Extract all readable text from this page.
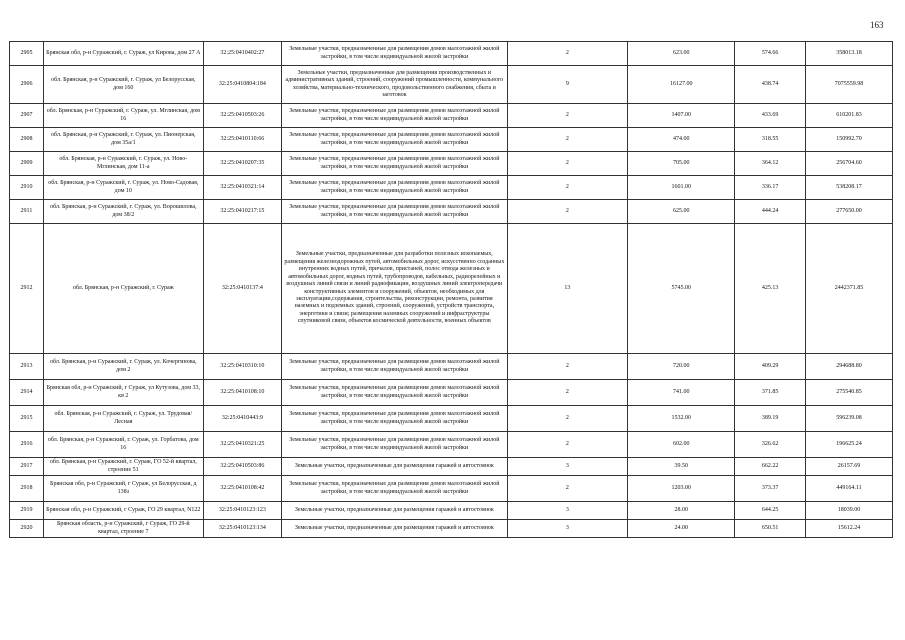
163
2905	Брянская обл, р-н Суражский, г. Сураж, ул Кирова, дом 27 А	32:25:0410402:27	Земельные участки, предназначенные для размещения домов малоэтажной жилой застройки, в том числе индивидуальной жилой застройки	2	623.00	574.66	358013.18
2906	обл. Брянская, р-н Суражский, г. Сураж, ул Белорусская, дом 160	32:25:0410804:184	Земельные участки, предназначенные для размещения производственных и административных зданий, строений, сооружений промышленности, коммунального хозяйства, материально-технического, продовольственного снабжения, сбыта и заготовок	9	16127.00	438.74	7075559.98
2907	обл. Брянская, р-н Суражский, г. Сураж, ул. Мглинская, дом 16	32:25:0410503:26	Земельные участки, предназначенные для размещения домов малоэтажной жилой застройки, в том числе индивидуальной жилой застройки	2	1407.00	433.69	610201.83
2908	обл. Брянская, р-н Суражский, г. Сураж, ул. Пионерская, дом 35а/1	32:25:0410110:66	Земельные участки, предназначенные для размещения домов малоэтажной жилой застройки, в том числе индивидуальной жилой застройки	2	474.00	318.55	150992.70
2909	обл. Брянская, р-н Суражский, г. Сураж, ул. Ново-Мглинская, дом 11-а	32:25:0410207:35	Земельные участки, предназначенные для размещения домов малоэтажной жилой застройки, в том числе индивидуальной жилой застройки	2	705.00	364.12	256704.60
2910	обл. Брянская, р-н Суражский, г. Сураж, ул. Ново-Садовая, дом 10	32:25:0410321:14	Земельные участки, предназначенные для размещения домов малоэтажной жилой застройки, в том числе индивидуальной жилой застройки	2	1601.00	336.17	538208.17
2911	обл. Брянская, р-н Суражский, г. Сураж, ул. Ворошилова, дом 38/2	32:25:0410217:15	Земельные участки, предназначенные для размещения домов малоэтажной жилой застройки, в том числе индивидуальной жилой застройки	2	625.00	444.24	277650.00
2912	обл. Брянская, р-н Суражский, г. Сураж	32:25:0410137:4	Земельные участки, предназначенные для разработки полезных ископаемых, размещения железнодорожных путей, автомобильных дорог, искусственно созданных внутренних водных путей, причалов, пристаней, полос отвода железных и автомобильных дорог, водных путей, трубопроводов, кабельных, радиорелейных и воздушных линий связи и линий радиофикации, воздушных линий электропередачи конструктивных элементов и сооружений, объектов, необходимых для эксплуатации,содержания, строительства, реконструкции, ремонта, развития наземных и подземных зданий, строений, сооружений, устройств транспорта, энергетики и связи; размещения наземных сооружений и инфраструктуры спутниковой связи, объектов космической деятельности, военных объектов	13	5745.00	425.13	2442371.85
2913	обл. Брянская, р-н Суражский, г. Сураж, ул. Кочергинова, дом 2	32:25:0410310:10	Земельные участки, предназначенные для размещения домов малоэтажной жилой застройки, в том числе индивидуальной жилой застройки	2	720.00	409.29	294688.80
2914	Брянская обл, р-н Суражский, г Сураж, ул Кутузова, дом 33, кв 2	32:25:0410108:10	Земельные участки, предназначенные для размещения домов малоэтажной жилой застройки, в том числе индивидуальной жилой застройки	2	741.00	371.85	275540.85
2915	обл. Брянская, р-н Суражский, г. Сураж, ул. Трудовая/Лесная	32:25:0410443:9	Земельные участки, предназначенные для размещения домов малоэтажной жилой застройки, в том числе индивидуальной жилой застройки	2	1532.00	389.19	596239.08
2916	обл. Брянская, р-н Суражский, г. Сураж, ул. Горбатова, дом 16	32:25:0410321:25	Земельные участки, предназначенные для размещения домов малоэтажной жилой застройки, в том числе индивидуальной жилой застройки	2	602.00	326.62	196625.24
2917	обл. Брянская, р-н Суражский, г. Сураж, ГО 52-й квартал, строение 51	32:25:0410503:86	Земельные участки, предназначенные для размещения гаражей и автостоянок	3	39.50	662.22	26157.69
2918	Брянская обл, р-н Суражский, г Сураж, ул Белорусская, д 138з	32:25:0410108:42	Земельные участки, предназначенные для размещения домов малоэтажной жилой застройки, в том числе индивидуальной жилой застройки	2	1203.00	373.37	449164.11
2919	Брянская обл, р-н Суражский, г Сураж, ГО 29 квартал, N122	32:25:0410123:123	Земельные участки, предназначенные для размещения гаражей и автостоянок	3	28.00	644.25	18039.00
2920	Брянская область, р-н Суражский, г Сураж, ГО 29-й квартал, строение 7	32:25:0410123:134	Земельные участки, предназначенные для размещения гаражей и автостоянок	3	24.00	650.51	15612.24
